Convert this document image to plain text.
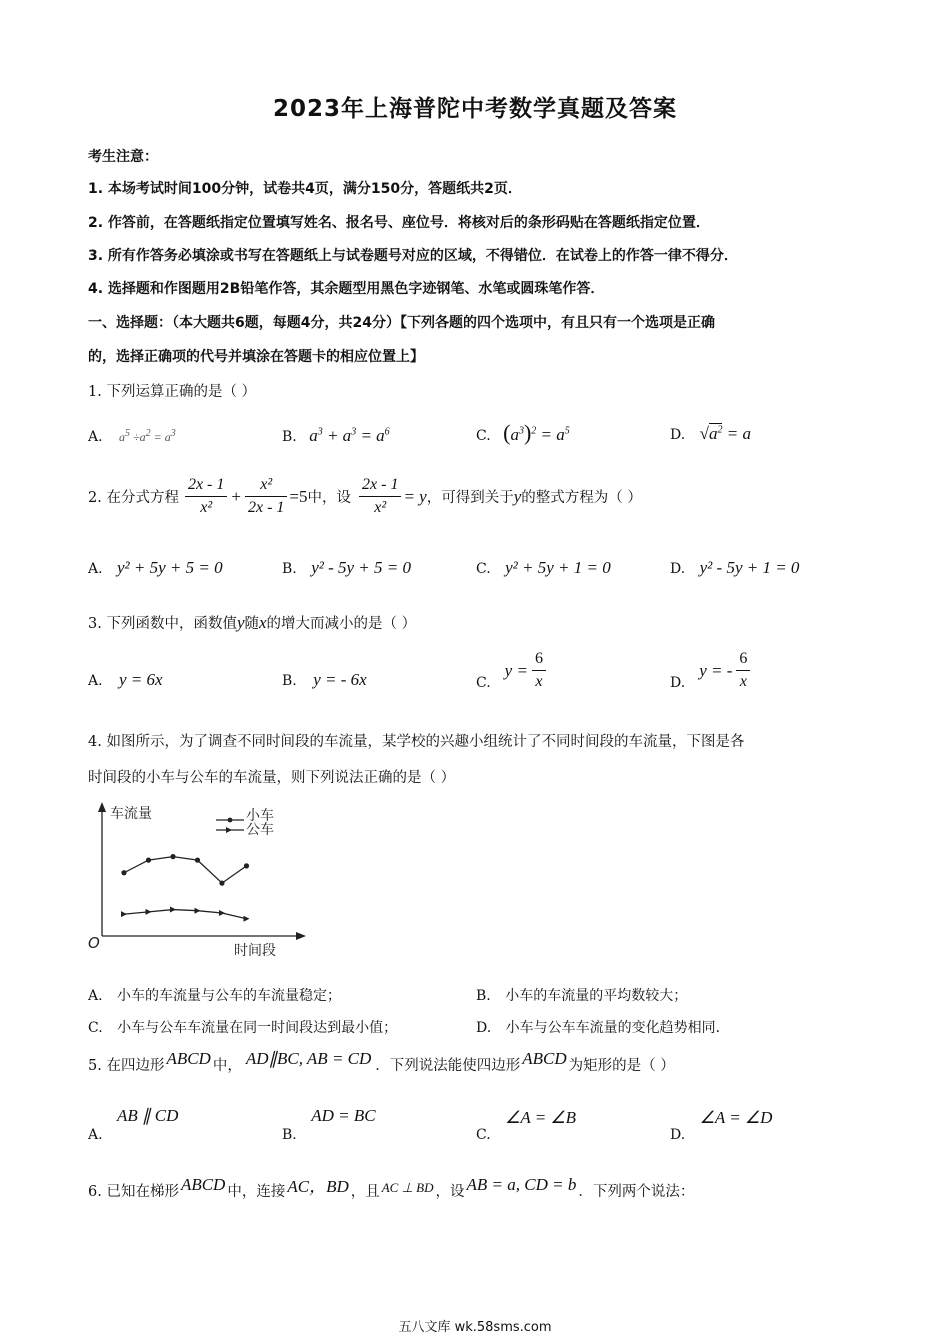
2023年上海普陀中考数学真题及答案
考生注意：
1. 本场考试时间100分钟，试卷共4页，满分150分，答题纸共2页．
2. 作答前，在答题纸指定位置填写姓名、报名号、座位号．将核对后的条形码贴在答题纸指定位置．
3. 所有作答务必填涂或书写在答题纸上与试卷题号对应的区域，不得错位．在试卷上的作答一律不得分．
4. 选择题和作图题用2B铅笔作答，其余题型用黑色字迹钢笔、水笔或圆珠笔作答．
一、选择题：（本大题共6题，每题4分，共24分）【下列各题的四个选项中，有且只有一个选项是正确
的，选择正确项的代号并填涂在答题卡的相应位置上】
1. 下列运算正确的是（ ）
A. $a^5 \div a^2 = a^3$	B. $a^3 + a^3 = a^6$	C. $(a^3)^2 = a^5$	D. $√a^2 = a$
2. 在分式方程 $\frac{2x - 1}{\text{x²}} + \frac{\text{x²}}{2x - 1} =5$ 中，设 $\frac{2x - 1}{\text{x²}} = y$ ，可得到关于 y 的整式方程为（ ）
A. y² + 5y + 5 = 0	B. y² - 5y + 5 = 0	C. y² + 5y + 1 = 0	D. y² - 5y + 1 = 0
3. 下列函数中，函数值y随x的增大而减小的是（ ）
A. y = 6x	B. y = - 6x	C.
$y = \frac{6}{x}$	D.
y = - $\frac{6}{x}$
4. 如图所示，为了调查不同时间段的车流量，某学校的兴趣小组统计了不同时间段的车流量，下图是各
时间段的小车与公车的车流量，则下列说法正确的是（ ）
车流量
时间段
O
小车
公车
A. 小车的车流量与公车的车流量稳定；	B. 小车的车流量的平均数较大；
C. 小车与公车车流量在同一时间段达到最小值；	D. 小车与公车车流量的变化趋势相同．
5. 在四边形 ABCD 中， AD∥BC, AB = CD ．下列说法能使四边形 ABCD 为矩形的是（ ）
A. AB ∥ CD
B. AD = BC
C. ∠A = ∠B
D. ∠A = ∠D
6. 已知在梯形 ABCD 中，连接 AC，BD ，且 AC ⊥ BD ，设 AB = a, CD = b ．下列两个说法：
五八文库 wk.58sms.com
